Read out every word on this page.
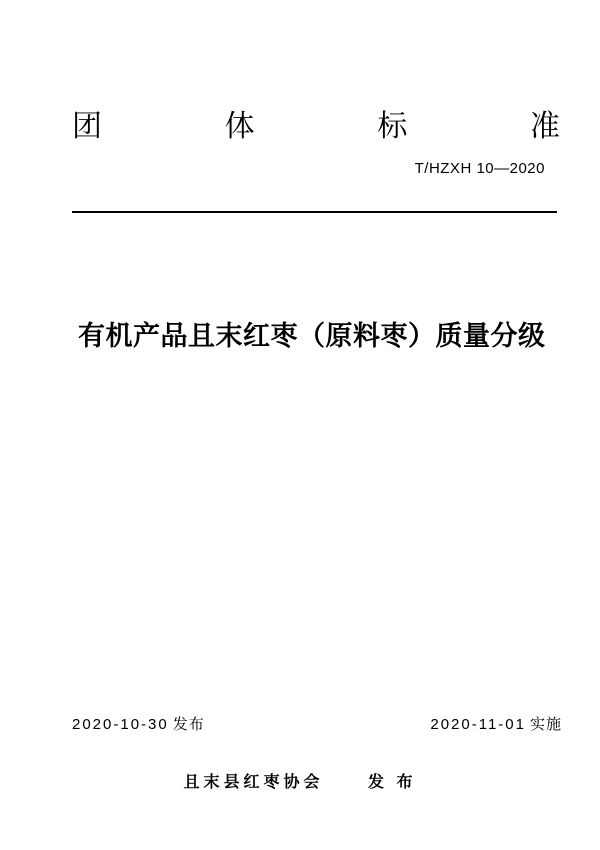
团	体	标	准
T/HZXH 10—2020
有机产品且末红枣（原料枣）质量分级
2020-10-30 发布	2020-11-01 实施
且末县红枣协会	发 布
